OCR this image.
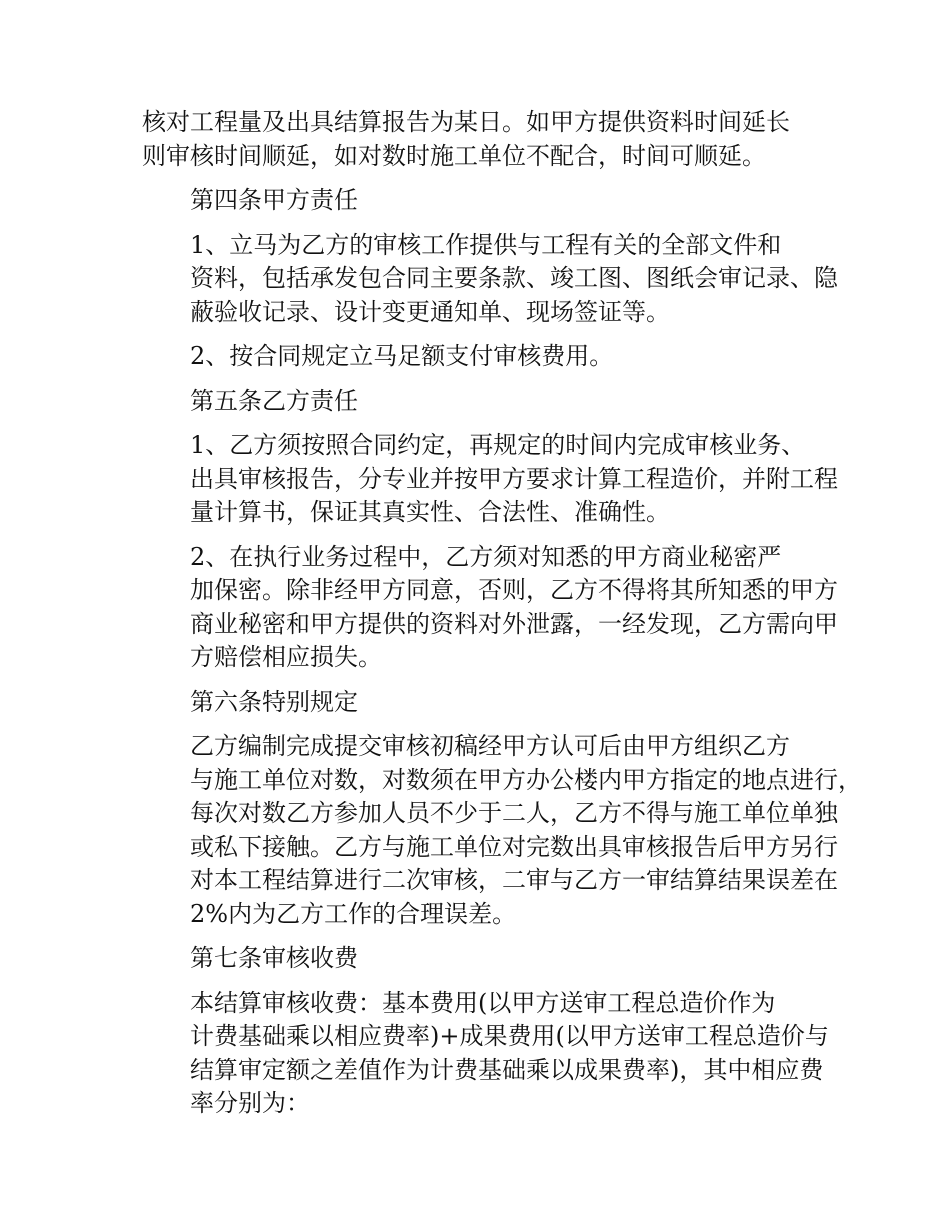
核对工程量及出具结算报告为某日。如甲方提供资料时间延长
则审核时间顺延，如对数时施工单位不配合，时间可顺延。

第四条甲方责任

1、立马为乙方的审核工作提供与工程有关的全部文件和
资料，包括承发包合同主要条款、竣工图、图纸会审记录、隐
蔽验收记录、设计变更通知单、现场签证等。

2、按合同规定立马足额支付审核费用。

第五条乙方责任

1、乙方须按照合同约定，再规定的时间内完成审核业务、
出具审核报告，分专业并按甲方要求计算工程造价，并附工程
量计算书，保证其真实性、合法性、准确性。

2、在执行业务过程中，乙方须对知悉的甲方商业秘密严
加保密。除非经甲方同意，否则，乙方不得将其所知悉的甲方
商业秘密和甲方提供的资料对外泄露，一经发现，乙方需向甲
方赔偿相应损失。

第六条特别规定

乙方编制完成提交审核初稿经甲方认可后由甲方组织乙方
与施工单位对数，对数须在甲方办公楼内甲方指定的地点进行，
每次对数乙方参加人员不少于二人，乙方不得与施工单位单独
或私下接触。乙方与施工单位对完数出具审核报告后甲方另行
对本工程结算进行二次审核，二审与乙方一审结算结果误差在
2%内为乙方工作的合理误差。

第七条审核收费

本结算审核收费：基本费用(以甲方送审工程总造价作为
计费基础乘以相应费率)+成果费用(以甲方送审工程总造价与
结算审定额之差值作为计费基础乘以成果费率)，其中相应费
率分别为：
